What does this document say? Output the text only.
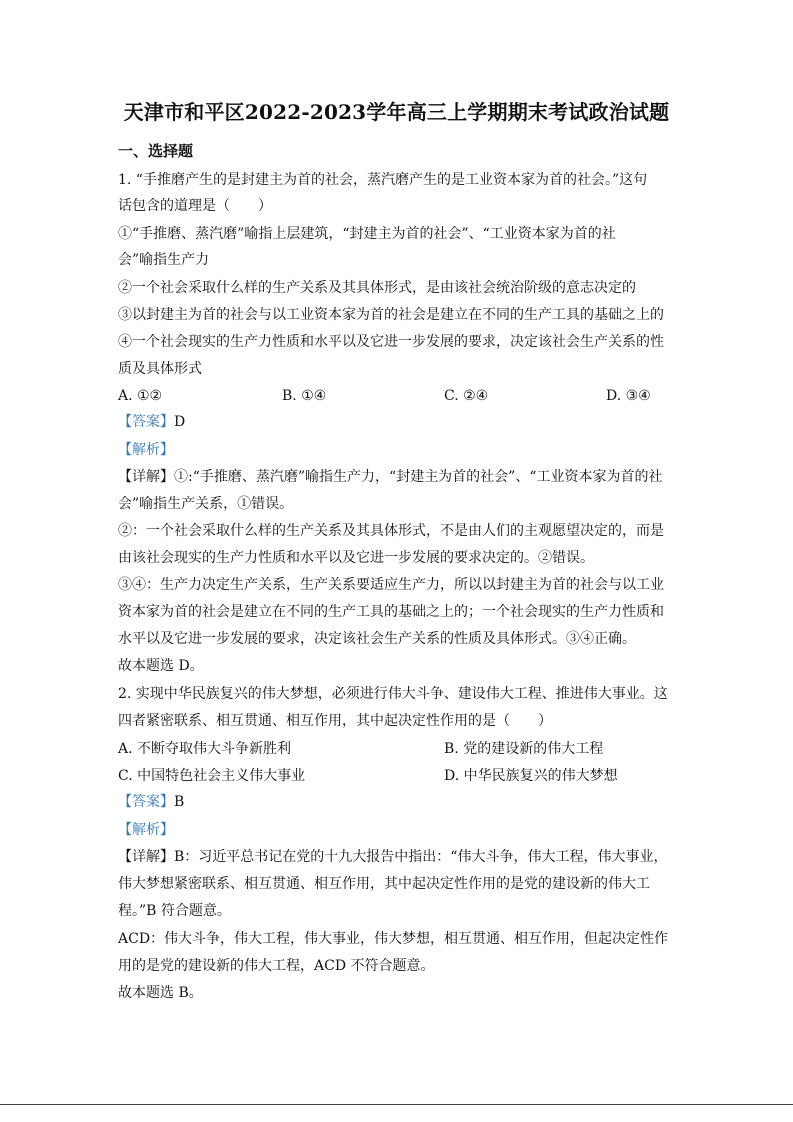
天津市和平区2022-2023学年高三上学期期末考试政治试题
一、选择题
1. “手推磨产生的是封建主为首的社会，蒸汽磨产生的是工业资本家为首的社会。”这句
话包含的道理是（　　）
①“手推磨、蒸汽磨”喻指上层建筑，“封建主为首的社会”、“工业资本家为首的社
会”喻指生产力
②一个社会采取什么样的生产关系及其具体形式，是由该社会统治阶级的意志决定的
③以封建主为首的社会与以工业资本家为首的社会是建立在不同的生产工具的基础之上的
④一个社会现实的生产力性质和水平以及它进一步发展的要求，决定该社会生产关系的性
质及具体形式
A. ①②	B. ①④	C. ②④	D. ③④
【答案】D
【解析】
【详解】①:“手推磨、蒸汽磨”喻指生产力，“封建主为首的社会”、“工业资本家为首的社
会”喻指生产关系，①错误。
②：一个社会采取什么样的生产关系及其具体形式，不是由人们的主观愿望决定的，而是
由该社会现实的生产力性质和水平以及它进一步发展的要求决定的。②错误。
③④：生产力决定生产关系，生产关系要适应生产力，所以以封建主为首的社会与以工业
资本家为首的社会是建立在不同的生产工具的基础之上的；一个社会现实的生产力性质和
水平以及它进一步发展的要求，决定该社会生产关系的性质及具体形式。③④正确。
故本题选 D。
2. 实现中华民族复兴的伟大梦想，必须进行伟大斗争、建设伟大工程、推进伟大事业。这
四者紧密联系、相互贯通、相互作用，其中起决定性作用的是（　　）
A. 不断夺取伟大斗争新胜利	B. 党的建设新的伟大工程
C. 中国特色社会主义伟大事业	D. 中华民族复兴的伟大梦想
【答案】B
【解析】
【详解】B：习近平总书记在党的十九大报告中指出：“伟大斗争，伟大工程，伟大事业，
伟大梦想紧密联系、相互贯通、相互作用，其中起决定性作用的是党的建设新的伟大工
程。”B 符合题意。
ACD：伟大斗争，伟大工程，伟大事业，伟大梦想，相互贯通、相互作用，但起决定性作
用的是党的建设新的伟大工程，ACD 不符合题意。
故本题选 B。
